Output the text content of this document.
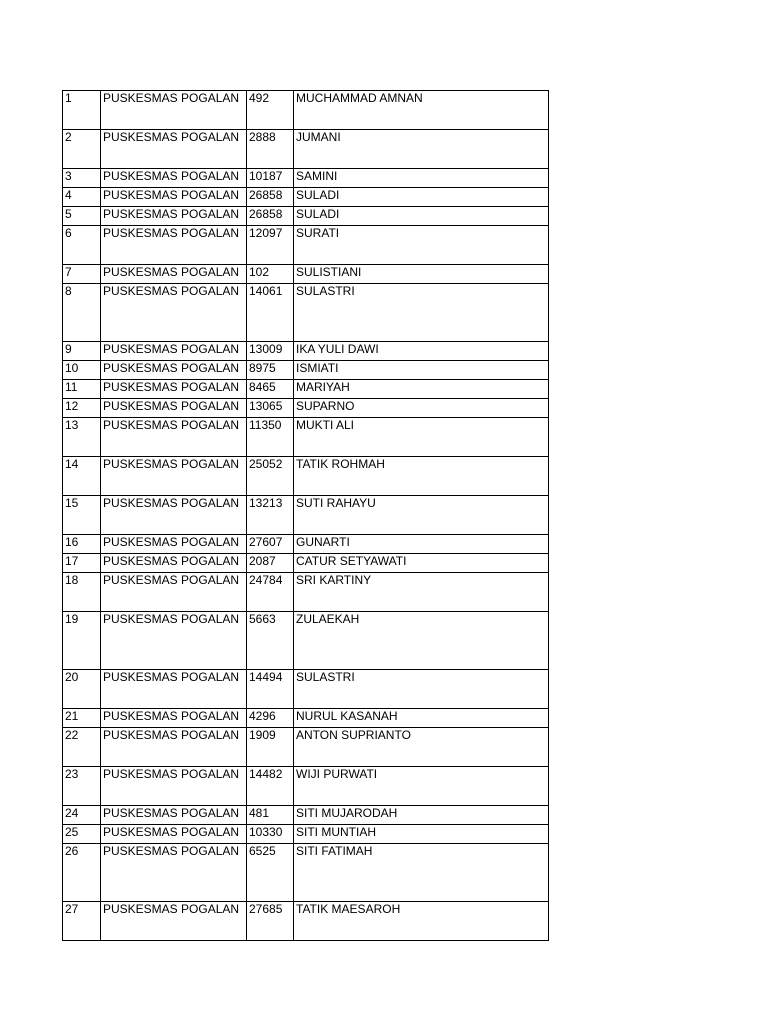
1	PUSKESMAS POGALAN	492	MUCHAMMAD AMNAN
2	PUSKESMAS POGALAN	2888	JUMANI
3	PUSKESMAS POGALAN	10187	SAMINI
4	PUSKESMAS POGALAN	26858	SULADI
5	PUSKESMAS POGALAN	26858	SULADI
6	PUSKESMAS POGALAN	12097	SURATI
7	PUSKESMAS POGALAN	102	SULISTIANI
8	PUSKESMAS POGALAN	14061	SULASTRI
9	PUSKESMAS POGALAN	13009	IKA YULI DAWI
10	PUSKESMAS POGALAN	8975	ISMIATI
11	PUSKESMAS POGALAN	8465	MARIYAH
12	PUSKESMAS POGALAN	13065	SUPARNO
13	PUSKESMAS POGALAN	11350	MUKTI ALI
14	PUSKESMAS POGALAN	25052	TATIK ROHMAH
15	PUSKESMAS POGALAN	13213	SUTI RAHAYU
16	PUSKESMAS POGALAN	27607	GUNARTI
17	PUSKESMAS POGALAN	2087	CATUR SETYAWATI
18	PUSKESMAS POGALAN	24784	SRI KARTINY
19	PUSKESMAS POGALAN	5663	ZULAEKAH
20	PUSKESMAS POGALAN	14494	SULASTRI
21	PUSKESMAS POGALAN	4296	NURUL KASANAH
22	PUSKESMAS POGALAN	1909	ANTON SUPRIANTO
23	PUSKESMAS POGALAN	14482	WIJI PURWATI
24	PUSKESMAS POGALAN	481	SITI MUJARODAH
25	PUSKESMAS POGALAN	10330	SITI MUNTIAH
26	PUSKESMAS POGALAN	6525	SITI FATIMAH
27	PUSKESMAS POGALAN	27685	TATIK MAESAROH
